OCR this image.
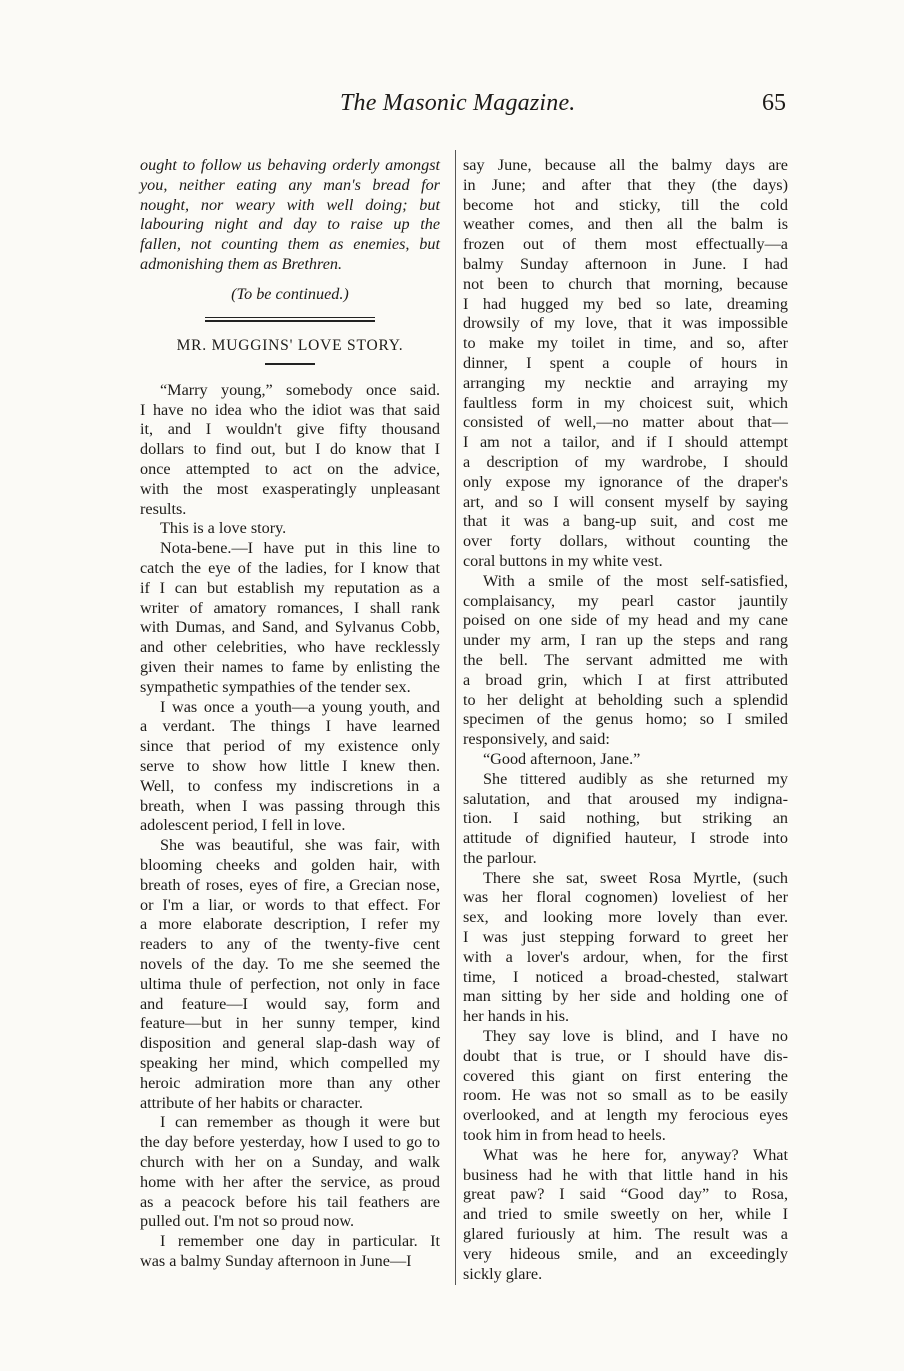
The Masonic Magazine.	65
ought to follow us behaving orderly amongst
you, neither eating any man's bread for
nought, nor weary with well doing; but
labouring night and day to raise up the
fallen, not counting them as enemies, but
admonishing them as Brethren.
(To be continued.)
MR. MUGGINS' LOVE STORY.
“Marry young,” somebody once said.
I have no idea who the idiot was that said
it, and I wouldn't give fifty thousand
dollars to find out, but I do know that I
once attempted to act on the advice,
with the most exasperatingly unpleasant
results.
This is a love story.
Nota-bene.—I have put in this line to
catch the eye of the ladies, for I know that
if I can but establish my reputation as a
writer of amatory romances, I shall rank
with Dumas, and Sand, and Sylvanus Cobb,
and other celebrities, who have recklessly
given their names to fame by enlisting the
sympathetic sympathies of the tender sex.
I was once a youth—a young youth, and
a verdant. The things I have learned
since that period of my existence only
serve to show how little I knew then.
Well, to confess my indiscretions in a
breath, when I was passing through this
adolescent period, I fell in love.
She was beautiful, she was fair, with
blooming cheeks and golden hair, with
breath of roses, eyes of fire, a Grecian nose,
or I'm a liar, or words to that effect. For
a more elaborate description, I refer my
readers to any of the twenty-five cent
novels of the day. To me she seemed the
ultima thule of perfection, not only in face
and feature—I would say, form and
feature—but in her sunny temper, kind
disposition and general slap-dash way of
speaking her mind, which compelled my
heroic admiration more than any other
attribute of her habits or character.
I can remember as though it were but
the day before yesterday, how I used to go to
church with her on a Sunday, and walk
home with her after the service, as proud
as a peacock before his tail feathers are
pulled out. I'm not so proud now.
I remember one day in particular. It
was a balmy Sunday afternoon in June—I
say June, because all the balmy days are
in June; and after that they (the days)
become hot and sticky, till the cold
weather comes, and then all the balm is
frozen out of them most effectually—a
balmy Sunday afternoon in June. I had
not been to church that morning, because
I had hugged my bed so late, dreaming
drowsily of my love, that it was impossible
to make my toilet in time, and so, after
dinner, I spent a couple of hours in
arranging my necktie and arraying my
faultless form in my choicest suit, which
consisted of well,—no matter about that—
I am not a tailor, and if I should attempt
a description of my wardrobe, I should
only expose my ignorance of the draper's
art, and so I will consent myself by saying
that it was a bang-up suit, and cost me
over forty dollars, without counting the
coral buttons in my white vest.
With a smile of the most self-satisfied,
complaisancy, my pearl castor jauntily
poised on one side of my head and my cane
under my arm, I ran up the steps and rang
the bell. The servant admitted me with
a broad grin, which I at first attributed
to her delight at beholding such a splendid
specimen of the genus homo; so I smiled
responsively, and said:
“Good afternoon, Jane.”
She tittered audibly as she returned my
salutation, and that aroused my indigna-
tion. I said nothing, but striking an
attitude of dignified hauteur, I strode into
the parlour.
There she sat, sweet Rosa Myrtle, (such
was her floral cognomen) loveliest of her
sex, and looking more lovely than ever.
I was just stepping forward to greet her
with a lover's ardour, when, for the first
time, I noticed a broad-chested, stalwart
man sitting by her side and holding one of
her hands in his.
They say love is blind, and I have no
doubt that is true, or I should have dis-
covered this giant on first entering the
room. He was not so small as to be easily
overlooked, and at length my ferocious eyes
took him in from head to heels.
What was he here for, anyway? What
business had he with that little hand in his
great paw? I said “Good day” to Rosa,
and tried to smile sweetly on her, while I
glared furiously at him. The result was a
very hideous smile, and an exceedingly
sickly glare.
